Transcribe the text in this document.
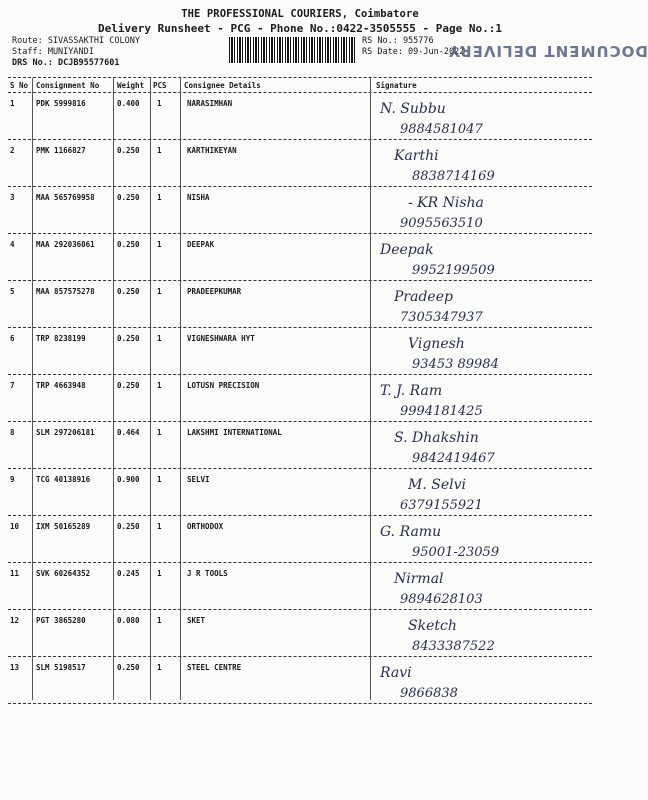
THE PROFESSIONAL COURIERS, Coimbatore
Delivery Runsheet - PCG - Phone No.:0422-3505555 - Page No.:1
Route: SIVASSAKTHI COLONY
Staff: MUNIYANDI
DRS No.: DCJB95577601
RS No.: 955776
RS Date: 09-Jun-2022
DOCUMENT DELIVERY
S No Consignment No Weight PCS Consignee Details	Signature
1	PDK 5999816	0.400 1	NARASIMHAN	N. Subbu
9884581047
2	PMK 1166827	0.250 1	KARTHIKEYAN	Karthi
8838714169
3	MAA 565769958	0.250 1	NISHA	- KR Nisha
9095563510
4	MAA 292036061	0.250 1	DEEPAK	Deepak
9952199509
5	MAA 857575278	0.250 1	PRADEEPKUMAR	Pradeep
7305347937
6	TRP 8238199	0.250 1	VIGNESHWARA HYT	Vignesh
93453 89984
7	TRP 4663948	0.250 1	LOTUSN PRECISION	T. J. Ram
9994181425
8	SLM 297206181	0.464 1	LAKSHMI INTERNATIONAL	S. Dhakshin
9842419467
9	TCG 40138916	0.900 1	SELVI	M. Selvi
6379155921
10 IXM 50165289	0.250 1	ORTHODOX	G. Ramu
95001-23059
11 SVK 60264352	0.245 1	J R TOOLS	Nirmal
9894628103
12 PGT 3865280	0.080 1	SKET	Sketch
8433387522
13 SLM 5198517	0.250 1	STEEL CENTRE	Ravi
9866838
